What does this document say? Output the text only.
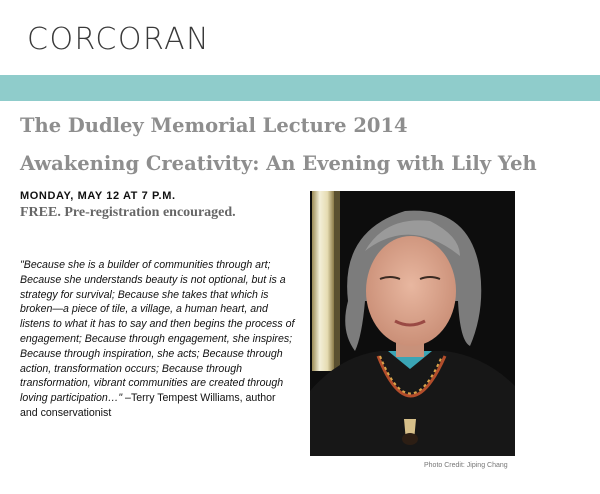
CORCORAN
The Dudley Memorial Lecture 2014
Awakening Creativity: An Evening with Lily Yeh
MONDAY, MAY 12 AT 7 P.M.
FREE. Pre-registration encouraged.

"Because she is a builder of communities through art; Because she understands beauty is not optional, but is a strategy for survival; Because she takes that which is broken—a piece of tile, a village, a human heart, and listens to what it has to say and then begins the process of engagement; Because through engagement, she inspires; Because through inspiration, she acts; Because through action, transformation occurs; Because through transformation, vibrant communities are created through loving participation…" –Terry Tempest Williams, author and conservationist

Photo Credit: Jiping Chang
